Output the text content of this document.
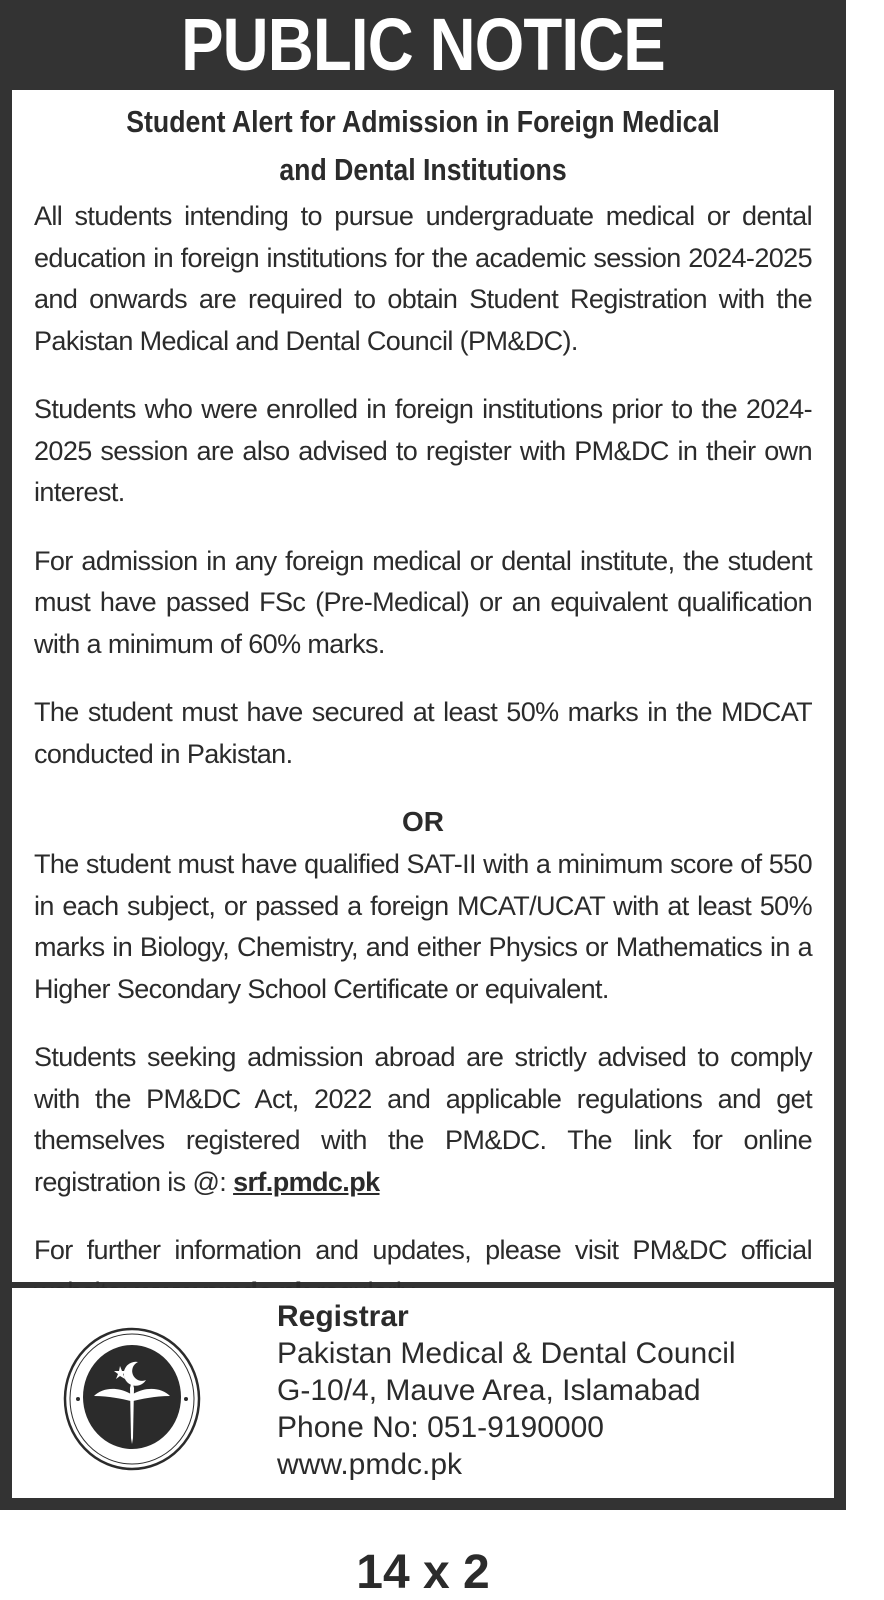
PUBLIC NOTICE
Student Alert for Admission in Foreign Medical
and Dental Institutions

All students intending to pursue undergraduate medical or dental education in foreign institutions for the academic session 2024-2025 and onwards are required to obtain Student Registration with the Pakistan Medical and Dental Council (PM&DC).

Students who were enrolled in foreign institutions prior to the 2024-2025 session are also advised to register with PM&DC in their own interest.

For admission in any foreign medical or dental institute, the student must have passed FSc (Pre-Medical) or an equivalent qualification with a minimum of 60% marks.

The student must have secured at least 50% marks in the MDCAT conducted in Pakistan.

OR

The student must have qualified SAT-II with a minimum score of 550 in each subject, or passed a foreign MCAT/UCAT with at least 50% marks in Biology, Chemistry, and either Physics or Mathematics in a Higher Secondary School Certificate or equivalent.

Students seeking admission abroad are strictly advised to comply with the PM&DC Act, 2022 and applicable regulations and get themselves registered with the PM&DC. The link for online registration is @: srf.pmdc.pk

For further information and updates, please visit PM&DC official

Registrar
Pakistan Medical & Dental Council
G-10/4, Mauve Area, Islamabad
Phone No: 051-9190000
www.pmdc.pk
14 x 2
